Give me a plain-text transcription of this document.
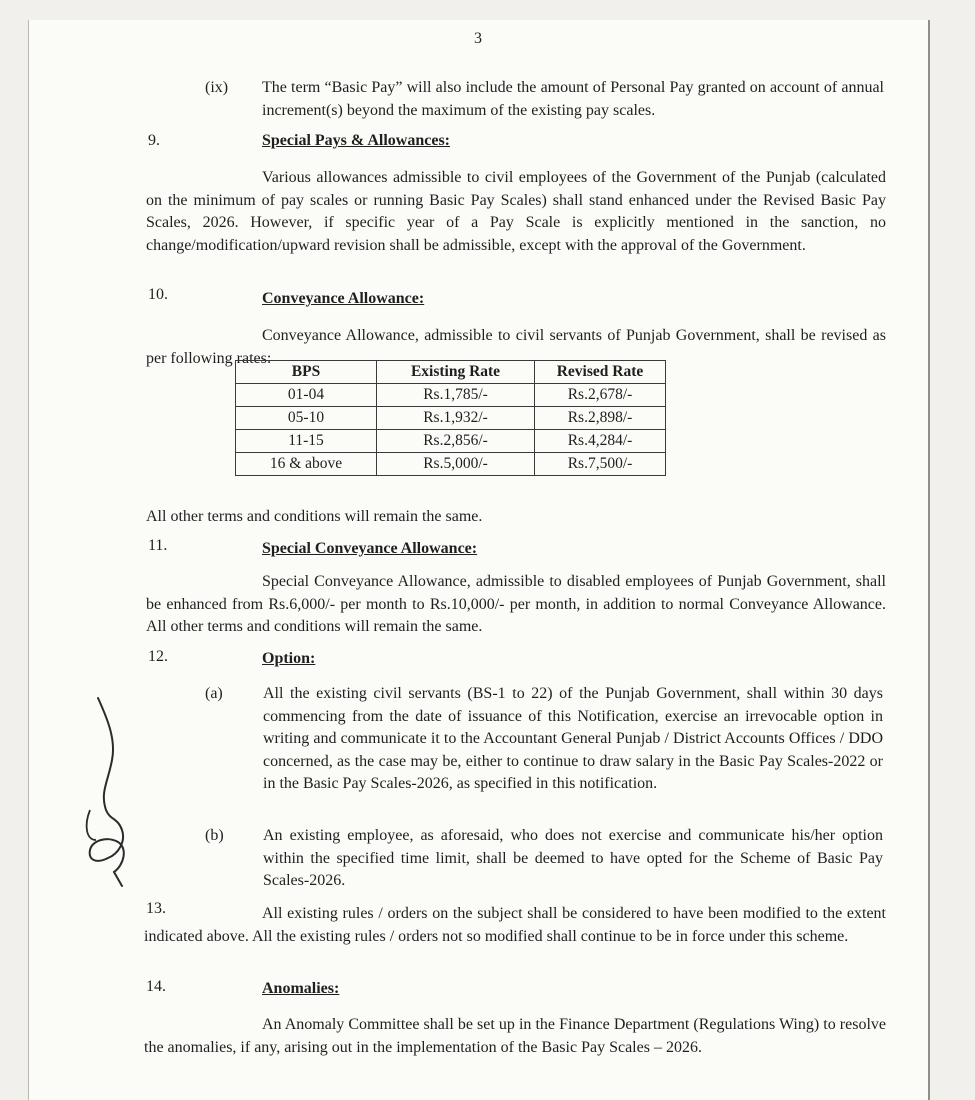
3
(ix) The term “Basic Pay” will also include the amount of Personal Pay granted on account of annual increment(s) beyond the maximum of the existing pay scales.
9.	Special Pays & Allowances:
Various allowances admissible to civil employees of the Government of the Punjab (calculated on the minimum of pay scales or running Basic Pay Scales) shall stand enhanced under the Revised Basic Pay Scales, 2026. However, if specific year of a Pay Scale is explicitly mentioned in the sanction, no change/modification/upward revision shall be admissible, except with the approval of the Government.
10.	Conveyance Allowance:
Conveyance Allowance, admissible to civil servants of Punjab Government, shall be revised as per following rates:
BPS	Existing Rate	Revised Rate
01-04	Rs.1,785/-	Rs.2,678/-
05-10	Rs.1,932/-	Rs.2,898/-
11-15	Rs.2,856/-	Rs.4,284/-
16 & above	Rs.5,000/-	Rs.7,500/-
All other terms and conditions will remain the same.
11.	Special Conveyance Allowance:
Special Conveyance Allowance, admissible to disabled employees of Punjab Government, shall be enhanced from Rs.6,000/- per month to Rs.10,000/- per month, in addition to normal Conveyance Allowance. All other terms and conditions will remain the same.
12.	Option:
(a)	All the existing civil servants (BS-1 to 22) of the Punjab Government, shall within 30 days commencing from the date of issuance of this Notification, exercise an irrevocable option in writing and communicate it to the Accountant General Punjab / District Accounts Offices / DDO concerned, as the case may be, either to continue to draw salary in the Basic Pay Scales-2022 or in the Basic Pay Scales-2026, as specified in this notification.
(b) An existing employee, as aforesaid, who does not exercise and communicate his/her option within the specified time limit, shall be deemed to have opted for the Scheme of Basic Pay Scales-2026.
13.	All existing rules / orders on the subject shall be considered to have been modified to the extent indicated above. All the existing rules / orders not so modified shall continue to be in force under this scheme.
14.	Anomalies:
An Anomaly Committee shall be set up in the Finance Department (Regulations Wing) to resolve the anomalies, if any, arising out in the implementation of the Basic Pay Scales – 2026.
